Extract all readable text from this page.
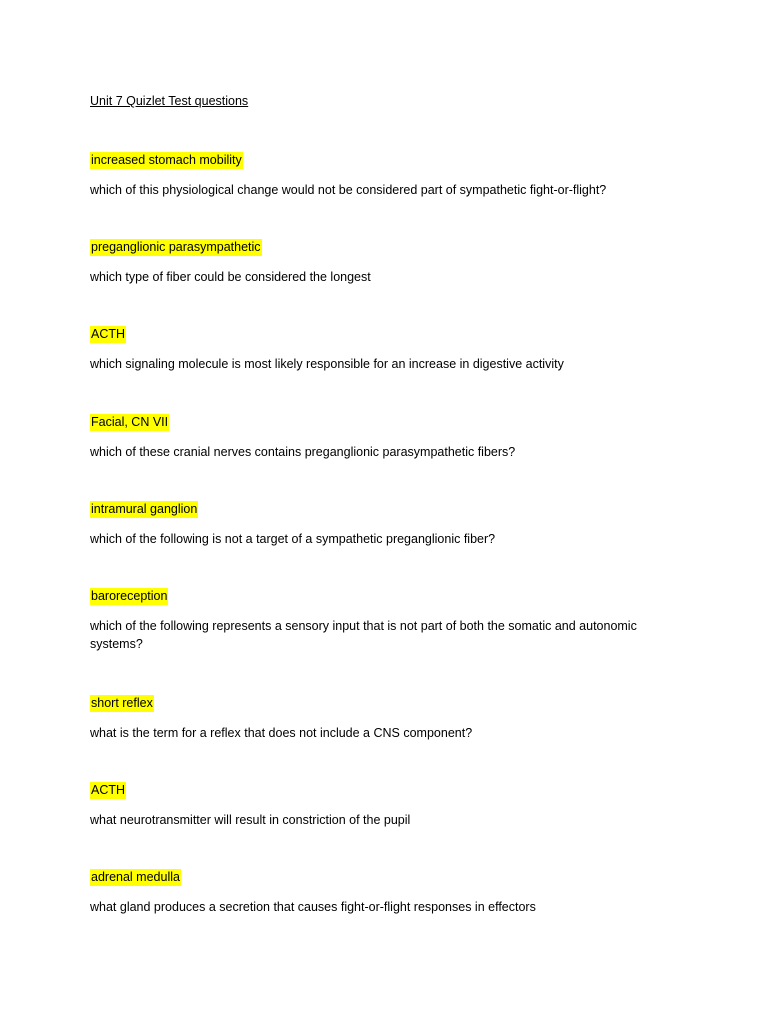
Unit 7 Quizlet Test questions
increased stomach mobility
which of this physiological change would not be considered part of sympathetic fight-or-flight?
preganglionic parasympathetic
which type of fiber could be considered the longest
ACTH
which signaling molecule is most likely responsible for an increase in digestive activity
Facial, CN VII
which of these cranial nerves contains preganglionic parasympathetic fibers?
intramural ganglion
which of the following is not a target of a sympathetic preganglionic fiber?
baroreception
which of the following represents a sensory input that is not part of both the somatic and autonomic systems?
short reflex
what is the term for a reflex that does not include a CNS component?
ACTH
what neurotransmitter will result in constriction of the pupil
adrenal medulla
what gland produces a secretion that causes fight-or-flight responses in effectors
